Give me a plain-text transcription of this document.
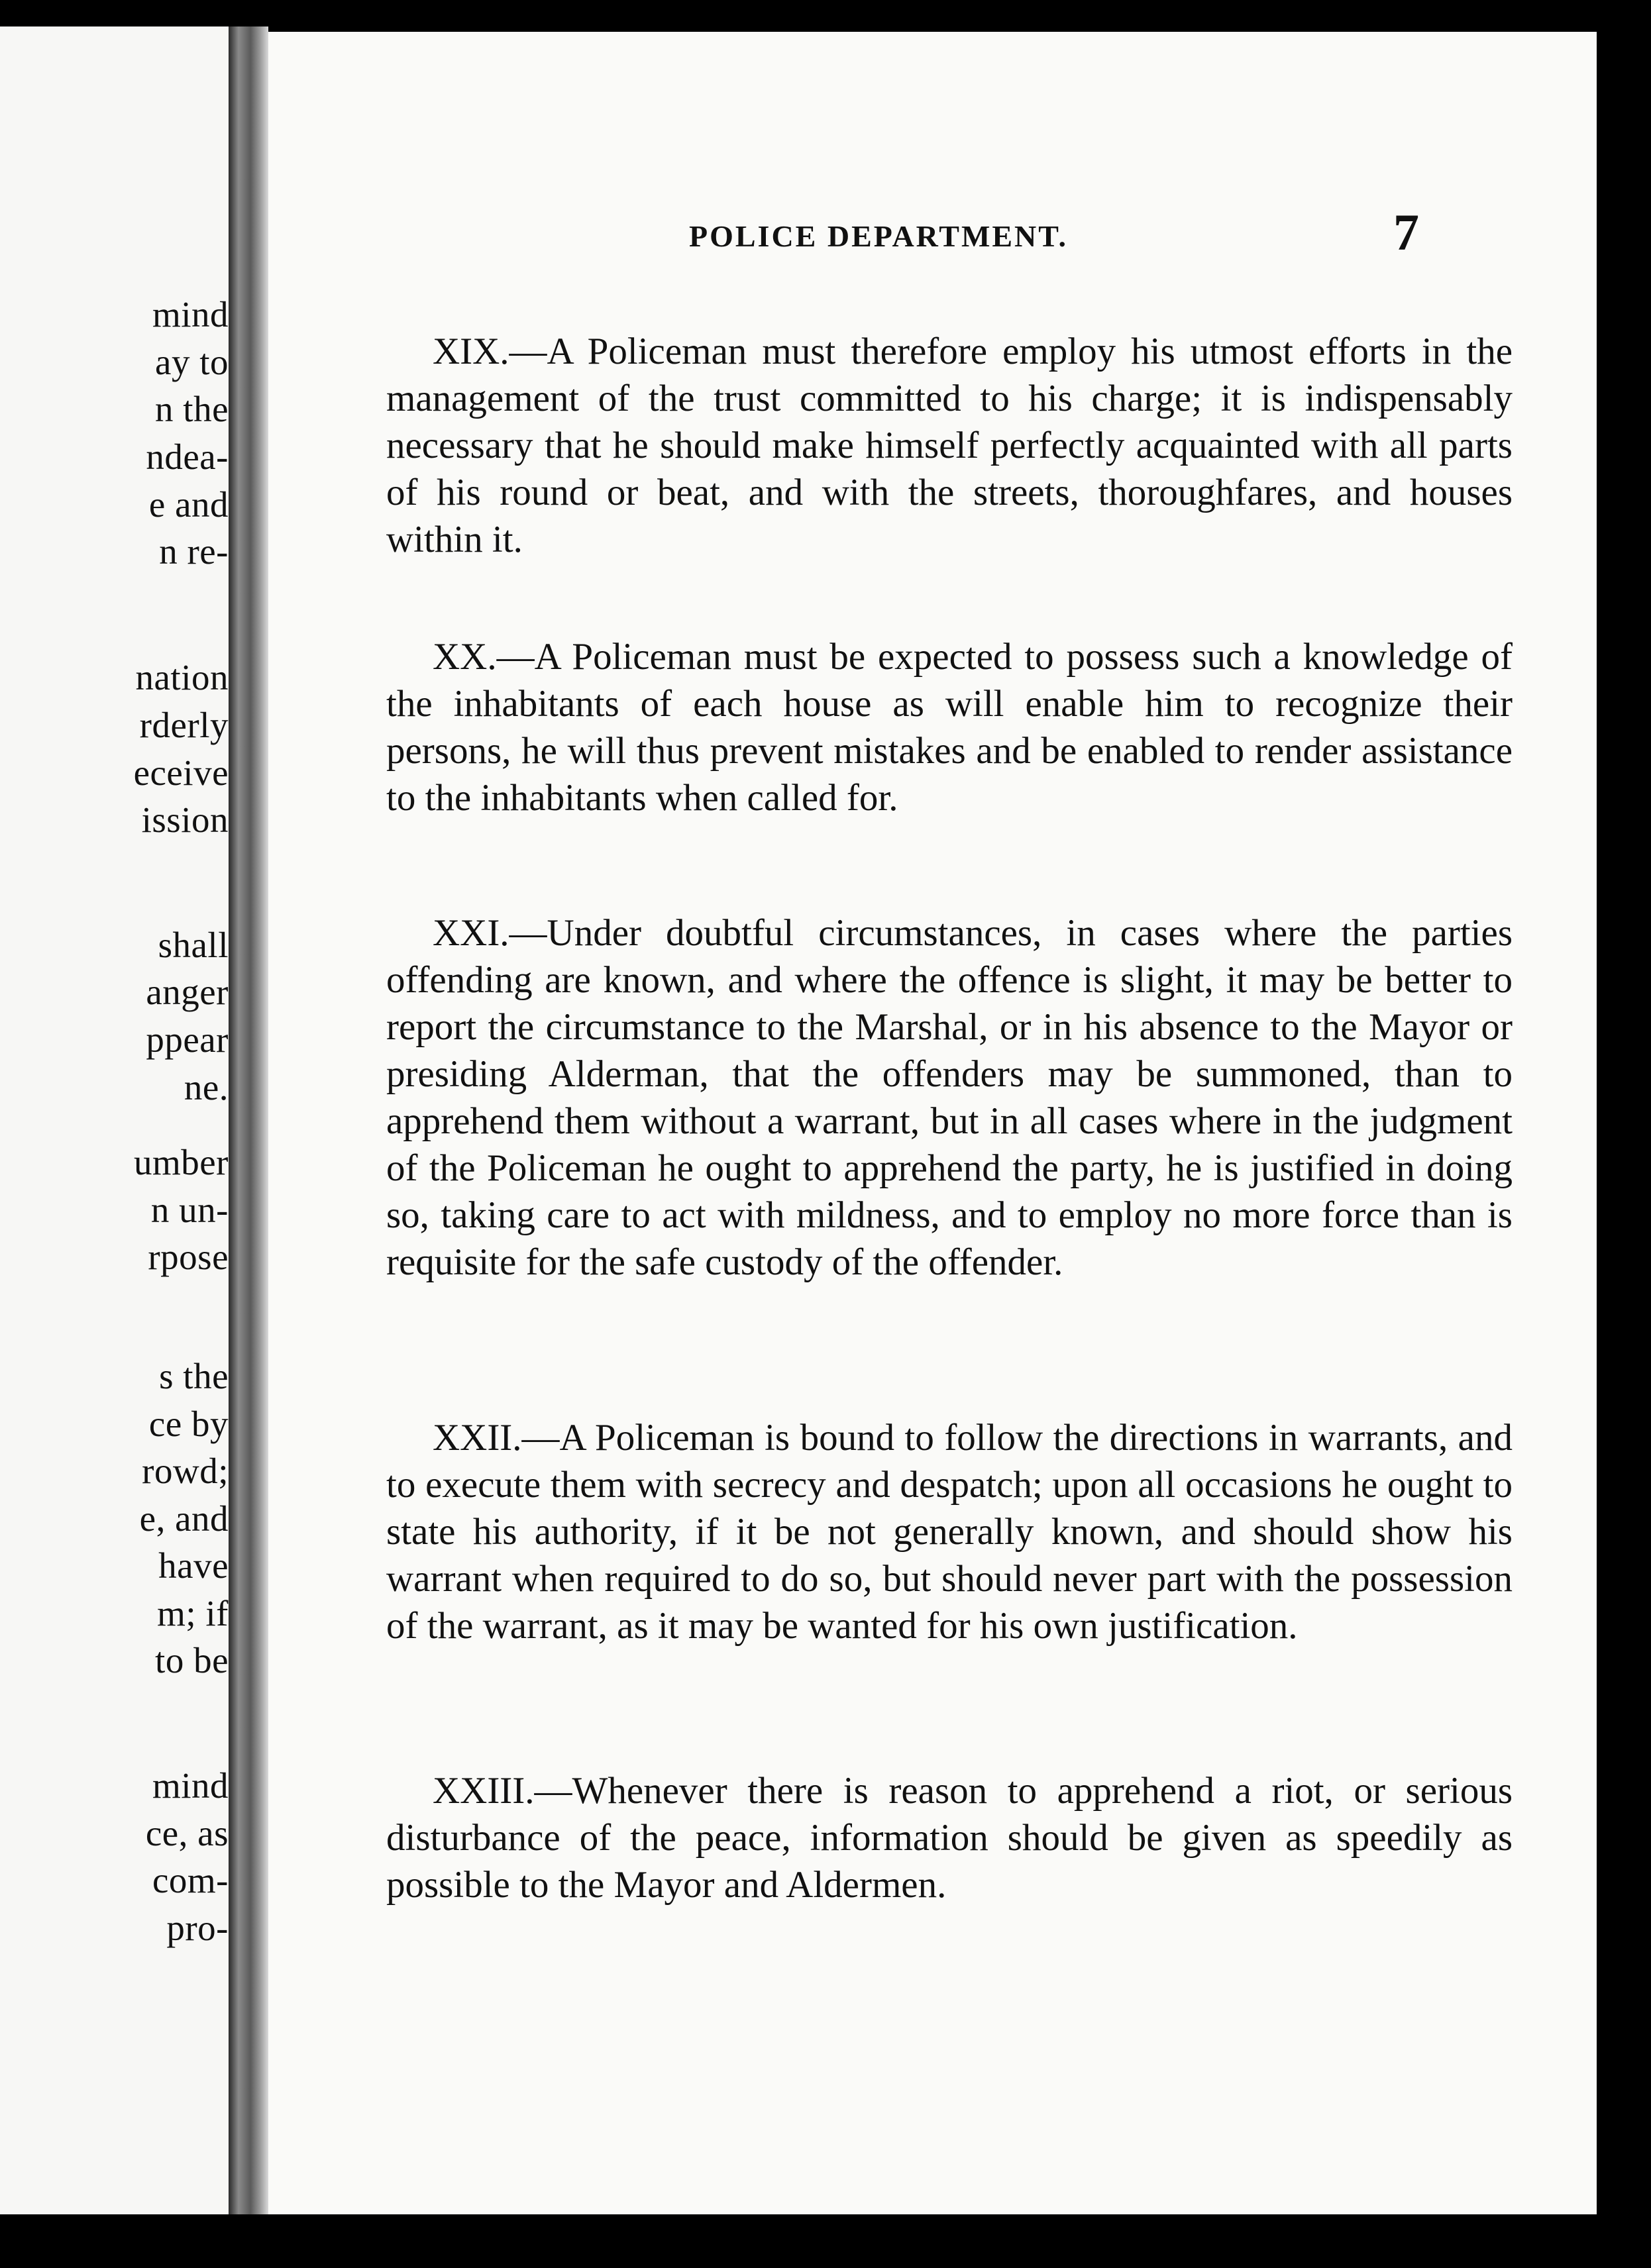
mind

ay to

n the

ndea-

e and

n re-

nation

rderly

eceive

ission

shall

anger

ppear

ne.

umber

n un-

rpose

s the

ce by

rowd;

e, and

have

m; if

to be

mind

ce, as

com-

pro-

POLICE DEPARTMENT.	7

XIX.—A Policeman must therefore employ his utmost efforts in the management of the trust committed to his charge; it is indispensably necessary that he should make himself perfectly acquainted with all parts of his round or beat, and with the streets, thoroughfares, and houses within it.

XX.—A Policeman must be expected to possess such a knowledge of the inhabitants of each house as will enable him to recognize their persons, he will thus prevent mistakes and be enabled to render assistance to the inhabitants when called for.

XXI.—Under doubtful circumstances, in cases where the parties offending are known, and where the offence is slight, it may be better to report the circumstance to the Marshal, or in his absence to the Mayor or presiding Alderman, that the offenders may be summoned, than to apprehend them without a warrant, but in all cases where in the judgment of the Policeman he ought to apprehend the party, he is justified in doing so, taking care to act with mildness, and to employ no more force than is requisite for the safe custody of the offender.

XXII.—A Policeman is bound to follow the directions in warrants, and to execute them with secrecy and despatch; upon all occasions he ought to state his authority, if it be not generally known, and should show his warrant when required to do so, but should never part with the possession of the warrant, as it may be wanted for his own justification.

XXIII.—Whenever there is reason to apprehend a riot, or serious disturbance of the peace, information should be given as speedily as possible to the Mayor and Aldermen.
